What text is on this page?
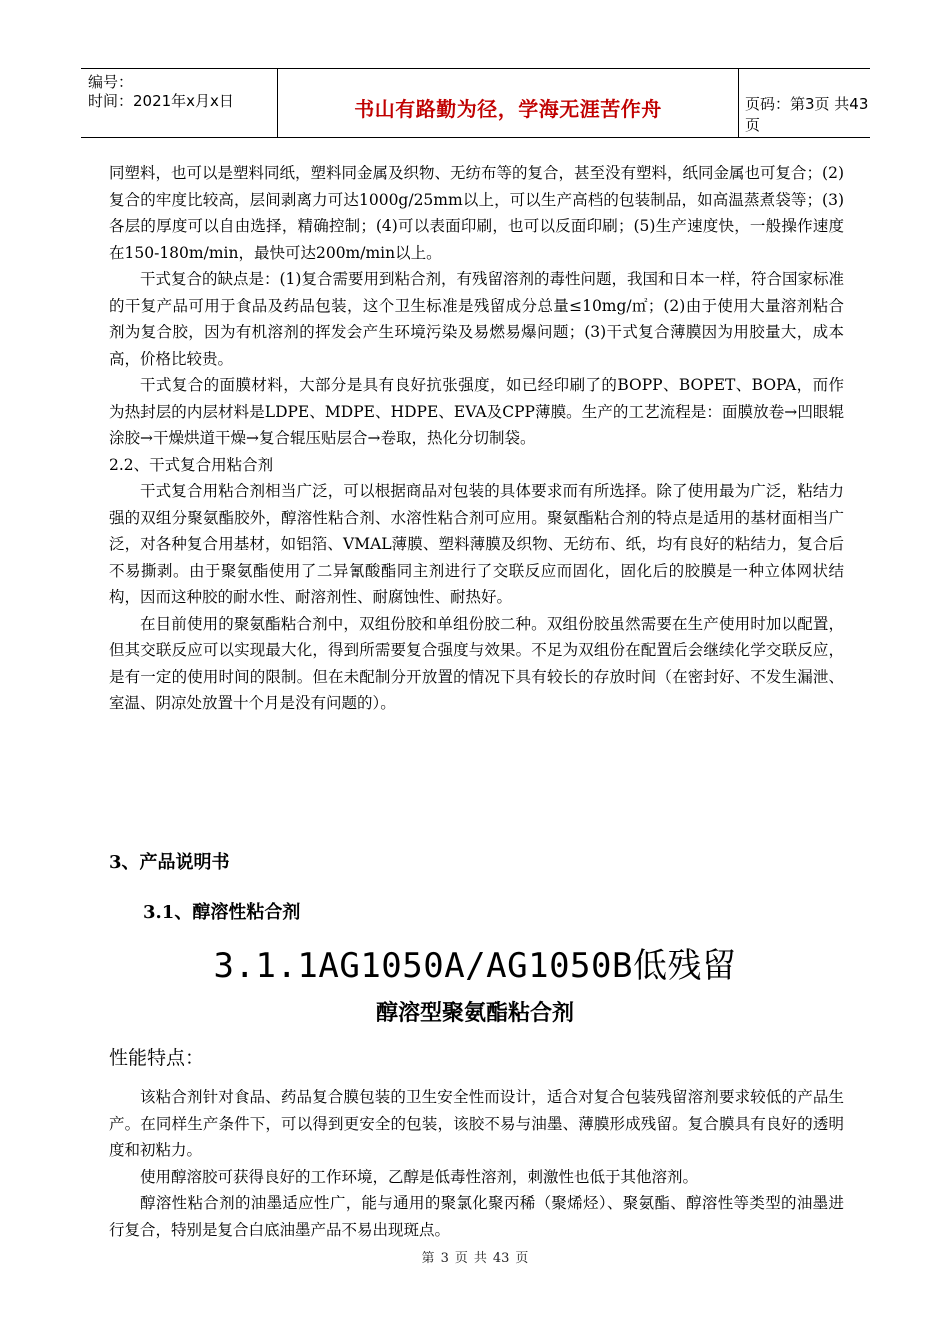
编号：
时间：2021年x月x日	书山有路勤为径，学海无涯苦作舟	页码：第3页 共43页

同塑料，也可以是塑料同纸，塑料同金属及织物、无纺布等的复合，甚至没有塑料，纸同金属也可复合；(2)复合的牢度比较高，层间剥离力可达1000g/25mm以上，可以生产高档的包装制品，如高温蒸煮袋等；(3)各层的厚度可以自由选择，精确控制；(4)可以表面印刷，也可以反面印刷；(5)生产速度快，一般操作速度在150-180m/min，最快可达200m/min以上。

干式复合的缺点是：(1)复合需要用到粘合剂，有残留溶剂的毒性问题，我国和日本一样，符合国家标准的干复产品可用于食品及药品包装，这个卫生标准是残留成分总量≤10mg/㎡；(2)由于使用大量溶剂粘合剂为复合胶，因为有机溶剂的挥发会产生环境污染及易燃易爆问题；(3)干式复合薄膜因为用胶量大，成本高，价格比较贵。

干式复合的面膜材料，大部分是具有良好抗张强度，如已经印刷了的BOPP、BOPET、BOPA，而作为热封层的内层材料是LDPE、MDPE、HDPE、EVA及CPP薄膜。生产的工艺流程是：面膜放卷→凹眼辊涂胶→干燥烘道干燥→复合辊压贴层合→卷取，热化分切制袋。

2.2、干式复合用粘合剂

干式复合用粘合剂相当广泛，可以根据商品对包装的具体要求而有所选择。除了使用最为广泛，粘结力强的双组分聚氨酯胶外，醇溶性粘合剂、水溶性粘合剂可应用。聚氨酯粘合剂的特点是适用的基材面相当广泛，对各种复合用基材，如铝箔、VMAL薄膜、塑料薄膜及织物、无纺布、纸，均有良好的粘结力，复合后不易撕剥。由于聚氨酯使用了二异氰酸酯同主剂进行了交联反应而固化，固化后的胶膜是一种立体网状结构，因而这种胶的耐水性、耐溶剂性、耐腐蚀性、耐热好。

在目前使用的聚氨酯粘合剂中，双组份胶和单组份胶二种。双组份胶虽然需要在生产使用时加以配置，但其交联反应可以实现最大化，得到所需要复合强度与效果。不足为双组份在配置后会继续化学交联反应，是有一定的使用时间的限制。但在未配制分开放置的情况下具有较长的存放时间（在密封好、不发生漏泄、室温、阴凉处放置十个月是没有问题的）。

3、产品说明书
3.1、醇溶性粘合剂
3.1.1AG1050A/AG1050B低残留
醇溶型聚氨酯粘合剂
性能特点：

该粘合剂针对食品、药品复合膜包装的卫生安全性而设计，适合对复合包装残留溶剂要求较低的产品生产。在同样生产条件下，可以得到更安全的包装，该胶不易与油墨、薄膜形成残留。复合膜具有良好的透明度和初粘力。

使用醇溶胶可获得良好的工作环境，乙醇是低毒性溶剂，刺激性也低于其他溶剂。

醇溶性粘合剂的油墨适应性广，能与通用的聚氯化聚丙稀（聚烯烃）、聚氨酯、醇溶性等类型的油墨进行复合，特别是复合白底油墨产品不易出现斑点。

第 3 页 共 43 页
